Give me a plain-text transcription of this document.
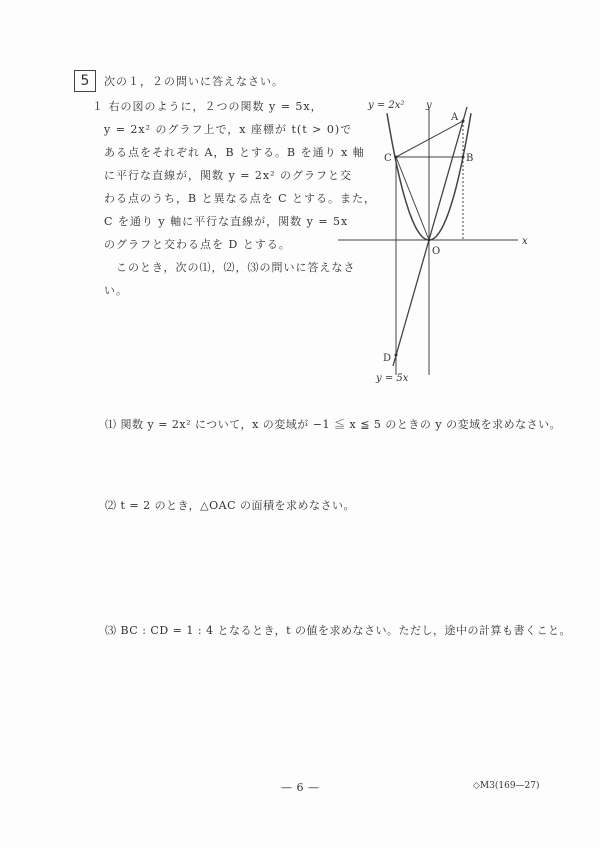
5	次の１，２の問いに答えなさい。

１ 右の図のように，２つの関数 y = 5x，

y = 2x² のグラフ上で，x 座標が t(t > 0)で

ある点をそれぞれ A，B とする。B を通り x 軸

に平行な直線が，関数 y = 2x² のグラフと交

わる点のうち，B と異なる点を C とする。また，

C を通り y 軸に平行な直線が，関数 y = 5x

のグラフと交わる点を D とする。

　このとき，次の⑴，⑵，⑶の問いに答えなさ

い。

y = 2x² y
x
O
A
B
C
D
y = 5x
⑴ 関数 y = 2x² について，x の変域が −1 ≦ x ≦ 5 のときの y の変域を求めなさい。
⑵ t = 2 のとき，△OAC の面積を求めなさい。
⑶ BC : CD = 1 : 4 となるとき，t の値を求めなさい。ただし，途中の計算も書くこと。
— 6 —	◇M3(169—27)
